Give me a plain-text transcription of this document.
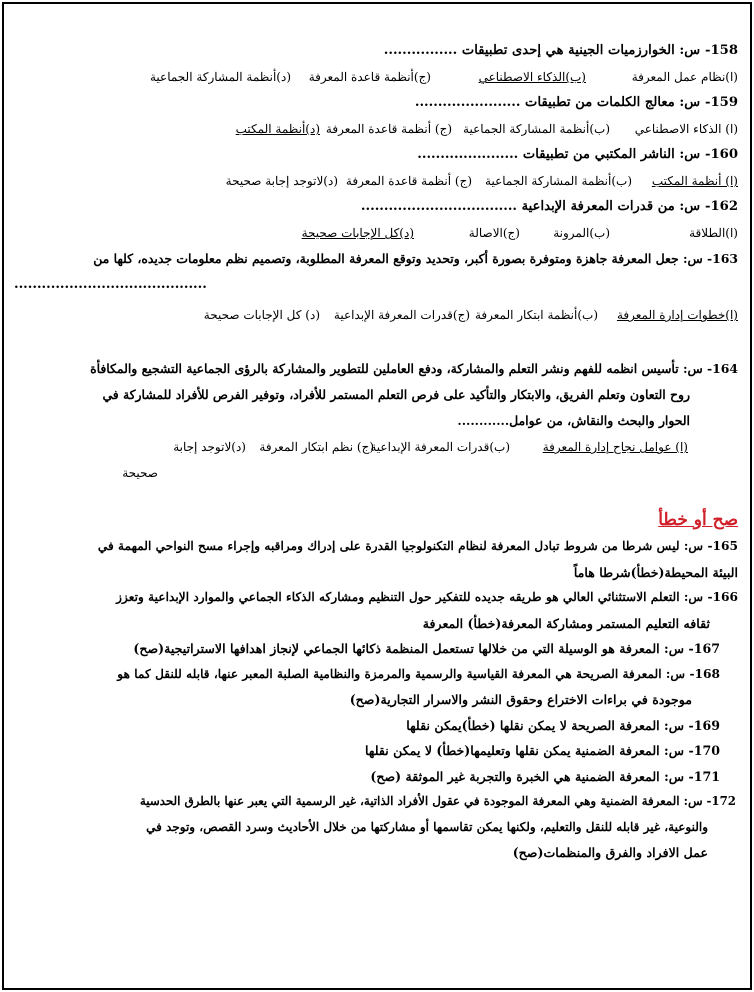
158- س: الخوارزميات الجينية هي إحدى تطبيقات ................
(ا)نظام عمل المعرفة
(ب)الذكاء الاصطناعي
(ج)أنظمة قاعدة المعرفة
(د)أنظمة المشاركة الجماعية
159- س: معالج الكلمات من تطبيقات .......................
(ا) الذكاء الاصطناعي
(ب)أنظمة المشاركة الجماعية
(ج) أنظمة قاعدة المعرفة
(د)أنظمة المكتب
160- س: الناشر المكتبي من تطبيقات ......................
(ا) أنظمة المكتب
(ب)أنظمة المشاركة الجماعية
(ج) أنظمة قاعدة المعرفة
(د)لاتوجد إجابة صحيحة
162- س: من قدرات المعرفة الإبداعية ..................................
(ا)الطلاقة
(ب)المرونة
(ج)الاصالة
(د)كل الإجابات صحيحة
163- س: جعل المعرفة جاهزة ومتوفرة بصورة أكبر، وتحديد وتوقع المعرفة المطلوبة، وتصميم نظم معلومات جديده، كلها من
..........................................
(ا)خطوات إدارة المعرفة
(ب)أنظمة ابتكار المعرفة
(ج)قدرات المعرفة الإبداعية
(د) كل الإجابات صحيحة
164- س: تأسيس انظمه للفهم ونشر التعلم والمشاركة، ودفع العاملين للتطوير والمشاركة بالرؤى الجماعية التشجيع والمكافأة
روح التعاون وتعلم الفريق، والابتكار والتأكيد على فرص التعلم المستمر للأفراد، وتوفير الفرص للأفراد للمشاركة في
الحوار والبحث والنقاش، من عوامل............
(ا) عوامل نجاح إدارة المعرفة
(ب)قدرات المعرفة الإبداعية
(ج) نظم ابتكار المعرفة
(د)لاتوجد إجابة
صحيحة
صح أو خطأ
165- س: ليس شرطا من شروط تبادل المعرفة لنظام التكنولوجيا القدرة على إدراك ومراقبه وإجراء مسح النواحي المهمة في
البيئة المحيطة(خطأ)شرطا هاماً
166- س: التعلم الاستثنائي العالي هو طريقه جديده للتفكير حول التنظيم ومشاركه الذكاء الجماعي والموارد الإبداعية وتعزز
ثقافه التعليم المستمر ومشاركة المعرفة(خطأ) المعرفة
167- س: المعرفة هو الوسيلة التي من خلالها تستعمل المنظمة ذكائها الجماعي لإنجاز اهدافها الاستراتيجية(صح)
168- س: المعرفة الصريحة هي المعرفة القياسية والرسمية والمرمزة والنظامية الصلبة المعبر عنها، قابله للنقل كما هو
موجودة في براءات الاختراع وحقوق النشر والاسرار التجارية(صح)
169- س: المعرفة الصريحة لا يمكن نقلها (خطأ)يمكن نقلها
170- س: المعرفة الضمنية يمكن نقلها وتعليمها(خطأ) لا يمكن نقلها
171- س: المعرفة الضمنية هي الخبرة والتجربة غير الموثقة (صح)
172- س: المعرفة الضمنية وهي المعرفة الموجودة في عقول الأفراد الذاتية، غير الرسمية التي يعبر عنها بالطرق الحدسية
والنوعية، غير قابله للنقل والتعليم، ولكنها يمكن تقاسمها أو مشاركتها من خلال الأحاديث وسرد القصص، وتوجد في
عمل الافراد والفرق والمنظمات(صح)
